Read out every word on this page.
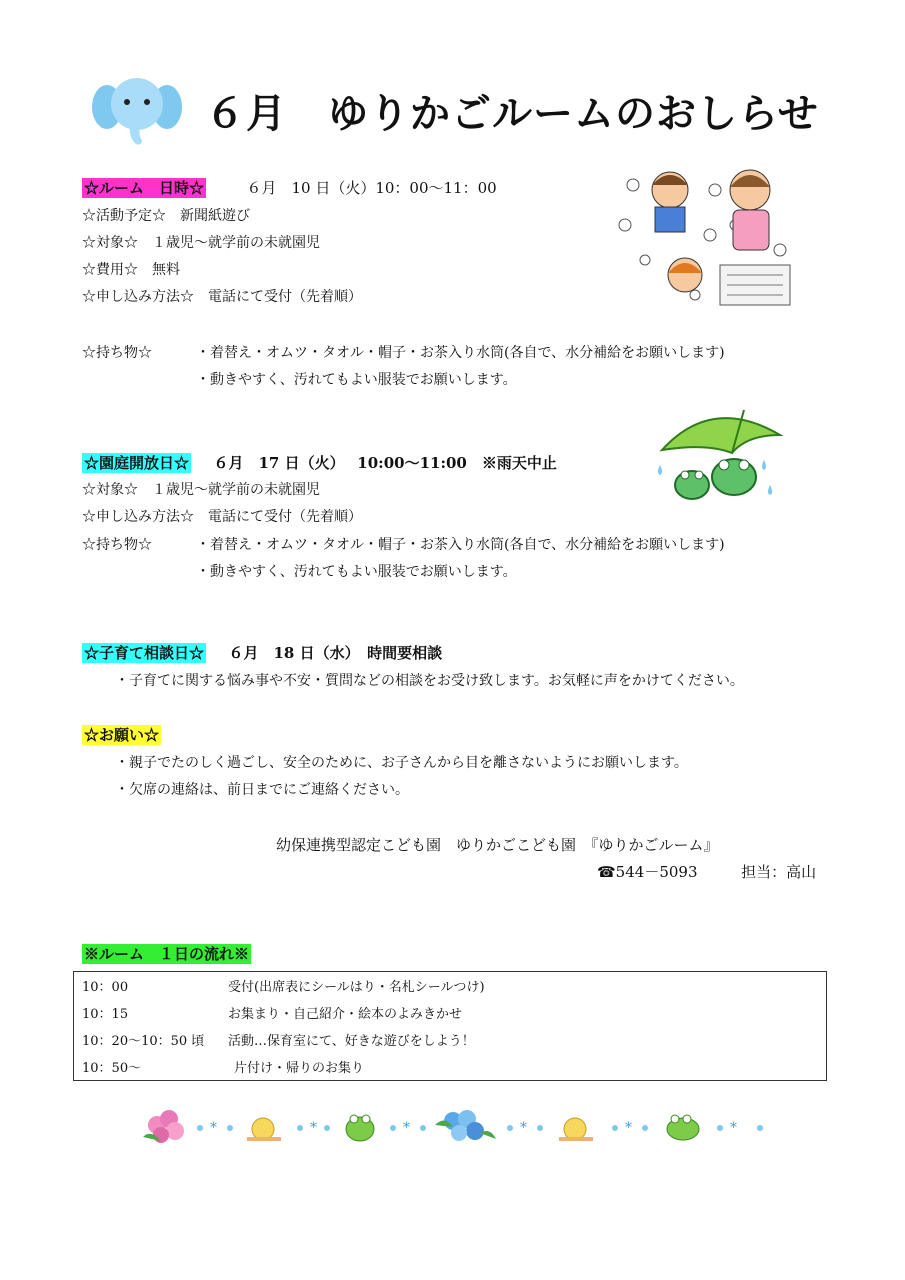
６月　ゆりかごルームのおしらせ
☆ルーム　日時☆	６月　10 日（火）10：00〜11：00
☆活動予定☆　新聞紙遊び
☆対象☆　１歳児〜就学前の未就園児
☆費用☆　無料
☆申し込み方法☆　電話にて受付（先着順）
☆持ち物☆	・着替え・オムツ・タオル・帽子・お茶入り水筒(各自で、水分補給をお願いします)
・動きやすく、汚れてもよい服装でお願いします。
☆園庭開放日☆ ６月　17 日（火）　 10:00〜11:00　※雨天中止
☆対象☆　１歳児〜就学前の未就園児
☆申し込み方法☆　電話にて受付（先着順）
☆持ち物☆	・着替え・オムツ・タオル・帽子・お茶入り水筒(各自で、水分補給をお願いします)
・動きやすく、汚れてもよい服装でお願いします。
☆子育て相談日☆ ６月　18 日（水）　時間要相談
・子育てに関する悩み事や不安・質問などの相談をお受け致します。お気軽に声をかけてください。
☆お願い☆
・親子でたのしく過ごし、安全のために、お子さんから目を離さないようにお願いします。
・欠席の連絡は、前日までにご連絡ください。
幼保連携型認定こども園　ゆりかごこども園　『ゆりかごルーム』
☎544－5093	担当：高山
※ルーム　１日の流れ※
10：00	受付(出席表にシールはり・名札シールつけ)
10：15	お集まり・自己紹介・絵本のよみきかせ
10：20〜10：50 頃	活動…保育室にて、好きな遊びをしよう！
10：50〜	片付け・帰りのお集り
*	*	*	*	*	*
